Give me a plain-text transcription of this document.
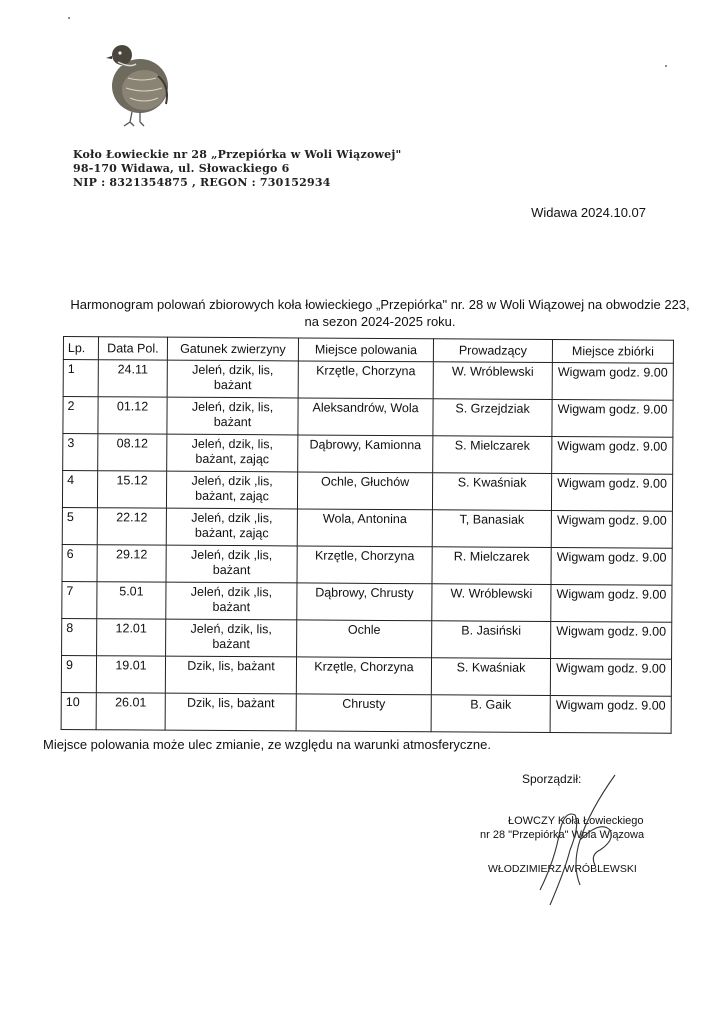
Koło Łowieckie nr 28 „Przepiórka w Woli Wiązowej"
98-170 Widawa, ul. Słowackiego 6
NIP : 8321354875 , REGON : 730152934
Widawa 2024.10.07
Harmonogram polowań zbiorowych koła łowieckiego „Przepiórka" nr. 28 w Woli Wiązowej na obwodzie 223,
na sezon 2024-2025 roku.
Lp.	Data Pol.	Gatunek zwierzyny	Miejsce polowania	Prowadzący	Miejsce zbiórki
1	24.11	Jeleń, dzik, lis, bażant	Krzętle, Chorzyna	W. Wróblewski	Wigwam godz. 9.00
2	01.12	Jeleń, dzik, lis, bażant	Aleksandrów, Wola	S. Grzejdziak	Wigwam godz. 9.00
3	08.12	Jeleń, dzik, lis, bażant, zając	Dąbrowy, Kamionna	S. Mielczarek	Wigwam godz. 9.00
4	15.12	Jeleń, dzik ,lis, bażant, zając	Ochle, Głuchów	S. Kwaśniak	Wigwam godz. 9.00
5	22.12	Jeleń, dzik ,lis, bażant, zając	Wola, Antonina	T, Banasiak	Wigwam godz. 9.00
6	29.12	Jeleń, dzik ,lis, bażant	Krzętle, Chorzyna	R. Mielczarek	Wigwam godz. 9.00
7	5.01	Jeleń, dzik ,lis, bażant	Dąbrowy, Chrusty	W. Wróblewski	Wigwam godz. 9.00
8	12.01	Jeleń, dzik, lis, bażant	Ochle	B. Jasiński	Wigwam godz. 9.00
9	19.01	Dzik, lis, bażant	Krzętle, Chorzyna	S. Kwaśniak	Wigwam godz. 9.00
10	26.01	Dzik, lis, bażant	Chrusty	B. Gaik	Wigwam godz. 9.00
Miejsce polowania może ulec zmianie, ze względu na warunki atmosferyczne.
Sporządził:
ŁOWCZY Koła Łowieckiego
nr 28 "Przepiórka" Wola Wiązowa
WŁODZIMIERZ WRÓBLEWSKI
